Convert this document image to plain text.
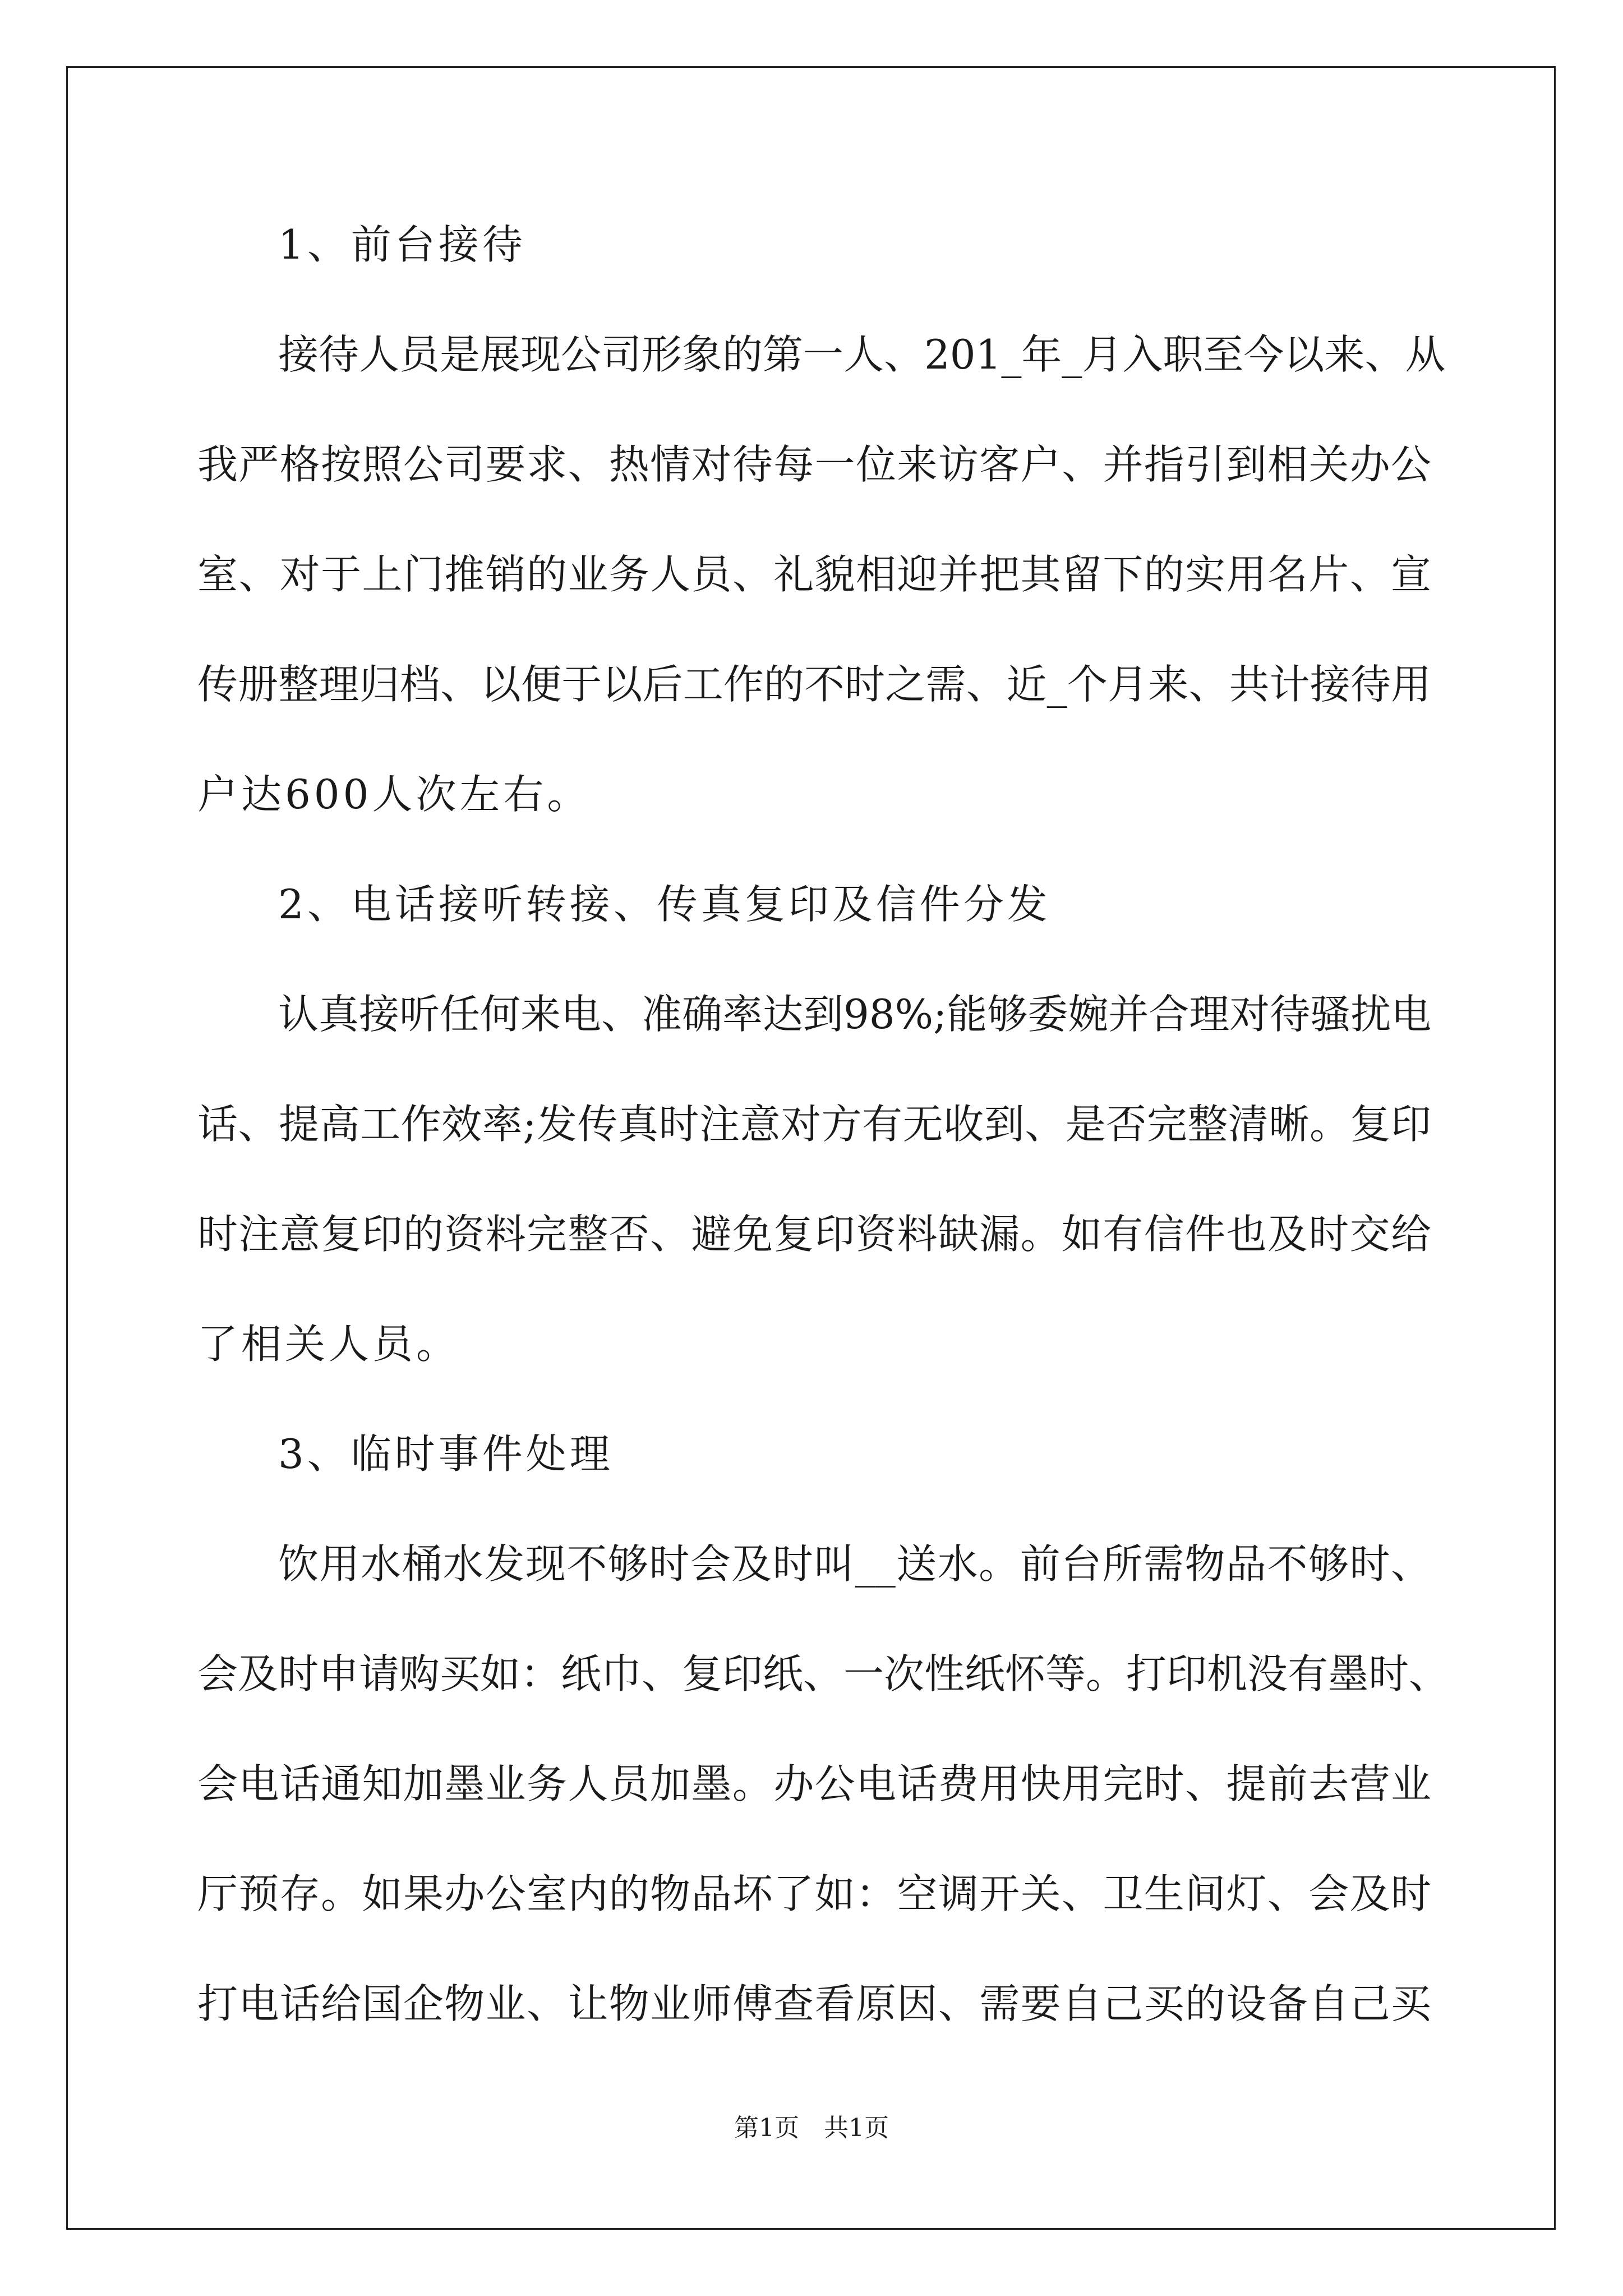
1、前台接待
接待人员是展现公司形象的第一人、201_年_月入职至今以来、从
我严格按照公司要求、热情对待每一位来访客户、并指引到相关办公
室、对于上门推销的业务人员、礼貌相迎并把其留下的实用名片、宣
传册整理归档、以便于以后工作的不时之需、近_个月来、共计接待用
户达600人次左右。
2、电话接听转接、传真复印及信件分发
认真接听任何来电、准确率达到98%;能够委婉并合理对待骚扰电
话、提高工作效率;发传真时注意对方有无收到、是否完整清晰。复印
时注意复印的资料完整否、避免复印资料缺漏。如有信件也及时交给
了相关人员。
3、临时事件处理
饮用水桶水发现不够时会及时叫__送水。前台所需物品不够时、
会及时申请购买如：纸巾、复印纸、一次性纸怀等。打印机没有墨时、
会电话通知加墨业务人员加墨。办公电话费用快用完时、提前去营业
厅预存。如果办公室内的物品坏了如：空调开关、卫生间灯、会及时
打电话给国企物业、让物业师傅查看原因、需要自己买的设备自己买
第1页 共1页
